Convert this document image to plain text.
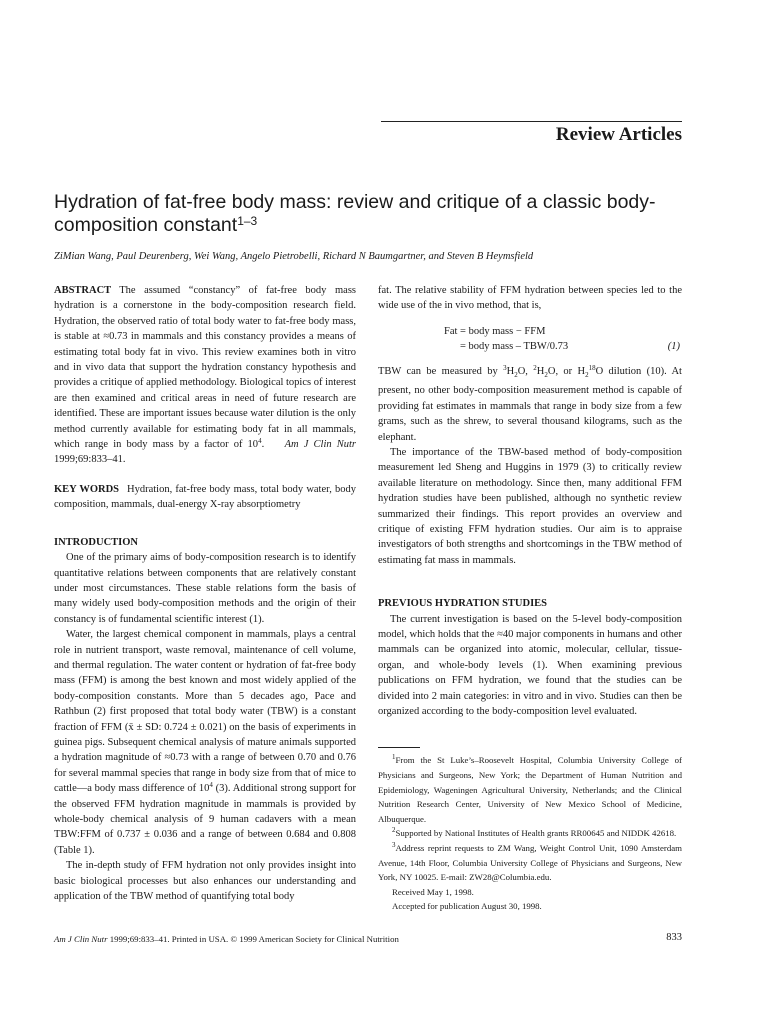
Review Articles
Hydration of fat-free body mass: review and critique of a classic body-composition constant$^{1-3}$
ZiMian Wang, Paul Deurenberg, Wei Wang, Angelo Pietrobelli, Richard N Baumgartner, and Steven B Heymsfield

ABSTRACT The assumed “constancy” of fat-free body mass hydration is a cornerstone in the body-composition research field. Hydration, the observed ratio of total body water to fat-free body mass, is stable at ≈0.73 in mammals and this constancy provides a means of estimating total body fat in vivo. This review examines both in vitro and in vivo data that support the hydration constancy hypothesis and provides a critique of applied methodology. Biological topics of interest are then examined and critical areas in need of future research are identified. These are important issues because water dilution is the only method currently available for estimating body fat in all mammals, which range in body mass by a factor of $10^4$. Am J Clin Nutr 1999;69:833–41.

KEY WORDS Hydration, fat-free body mass, total body water, body composition, mammals, dual-energy X-ray absorptiometry

INTRODUCTION

One of the primary aims of body-composition research is to identify quantitative relations between components that are relatively constant under most circumstances. These stable relations form the basis of many widely used body-composition methods and the origin of their constancy is of fundamental scientific interest (1).

Water, the largest chemical component in mammals, plays a central role in nutrient transport, waste removal, maintenance of cell volume, and thermal regulation. The water content or hydration of fat-free body mass (FFM) is among the best known and most widely applied of the body-composition constants. More than 5 decades ago, Pace and Rathbun (2) first proposed that total body water (TBW) is a constant fraction of FFM (x̄ ± SD: 0.724 ± 0.021) on the basis of experiments in guinea pigs. Subsequent chemical analysis of mature animals supported a hydration magnitude of ≈0.73 with a range of between 0.70 and 0.76 for several mammal species that range in body size from that of mice to cattle—a body mass difference of $10^4$ (3). Additional strong support for the observed FFM hydration magnitude in mammals is provided by whole-body chemical analysis of 9 human cadavers with a mean TBW:FFM of 0.737 ± 0.036 and a range of between 0.684 and 0.808 (Table 1).

The in-depth study of FFM hydration not only provides insight into basic biological processes but also enhances our understanding and application of the TBW method of quantifying total body

fat. The relative stability of FFM hydration between species led to the wide use of the in vivo method, that is,

Fat = body mass − FFM
= body mass – TBW/0.73	(1)

TBW can be measured by $^3H_2O$, $^2H_2O$, or $H_2^{18}O$ dilution (10). At present, no other body-composition measurement method is capable of providing fat estimates in mammals that range in body size from a few grams, such as the shrew, to several thousand kilograms, such as the elephant.

The importance of the TBW-based method of body-composition measurement led Sheng and Huggins in 1979 (3) to critically review available literature on methodology. Since then, many additional FFM hydration studies have been published, although no synthetic review summarized their findings. This report provides an overview and critique of existing FFM hydration studies. Our aim is to appraise investigators of both strengths and shortcomings in the TBW method of estimating fat mass in mammals.

PREVIOUS HYDRATION STUDIES

The current investigation is based on the 5-level body-composition model, which holds that the ≈40 major components in humans and other mammals can be organized into atomic, molecular, cellular, tissue-organ, and whole-body levels (1). When examining previous publications on FFM hydration, we found that the studies can be divided into 2 main categories: in vitro and in vivo. Studies can then be organized according to the body-composition level evaluated.

$^1$From the St Luke’s–Roosevelt Hospital, Columbia University College of Physicians and Surgeons, New York; the Department of Human Nutrition and Epidemiology, Wageningen Agricultural University, Netherlands; and the Clinical Nutrition Research Center, University of New Mexico School of Medicine, Albuquerque.

$^2$Supported by National Institutes of Health grants RR00645 and NIDDK 42618.

$^3$Address reprint requests to ZM Wang, Weight Control Unit, 1090 Amsterdam Avenue, 14th Floor, Columbia University College of Physicians and Surgeons, New York, NY 10025. E-mail: ZW28@Columbia.edu.

Received May 1, 1998.

Accepted for publication August 30, 1998.

Am J Clin Nutr 1999;69:833–41. Printed in USA. © 1999 American Society for Clinical Nutrition	833
